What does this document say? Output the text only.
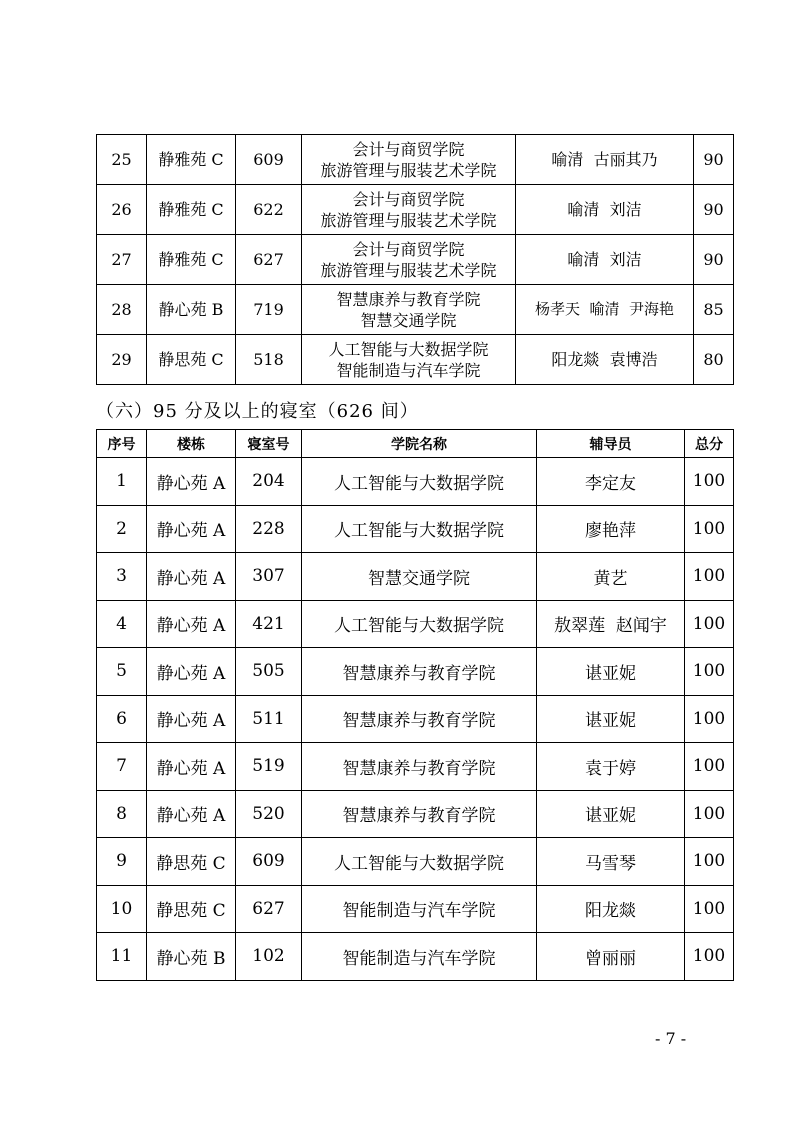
25	静雅苑 C	609	会计与商贸学院
旅游管理与服装艺术学院	喻清  古丽其乃	90
26	静雅苑 C	622	会计与商贸学院
旅游管理与服装艺术学院	喻清  刘洁	90
27	静雅苑 C	627	会计与商贸学院
旅游管理与服装艺术学院	喻清  刘洁	90
28	静心苑 B	719	智慧康养与教育学院
智慧交通学院	杨孝天  喻清  尹海艳	85
29	静思苑 C	518	人工智能与大数据学院
智能制造与汽车学院	阳龙燚  袁博浩	80
（六）95 分及以上的寝室（626 间）
序号	楼栋	寝室号	学院名称	辅导员	总分
1	静心苑 A	204	人工智能与大数据学院	李定友	100
2	静心苑 A	228	人工智能与大数据学院	廖艳萍	100
3	静心苑 A	307	智慧交通学院	黄艺	100
4	静心苑 A	421	人工智能与大数据学院	敖翠莲  赵闻宇	100
5	静心苑 A	505	智慧康养与教育学院	谌亚妮	100
6	静心苑 A	511	智慧康养与教育学院	谌亚妮	100
7	静心苑 A	519	智慧康养与教育学院	袁于婷	100
8	静心苑 A	520	智慧康养与教育学院	谌亚妮	100
9	静思苑 C	609	人工智能与大数据学院	马雪琴	100
10	静思苑 C	627	智能制造与汽车学院	阳龙燚	100
11	静心苑 B	102	智能制造与汽车学院	曾丽丽	100
- 7 -
